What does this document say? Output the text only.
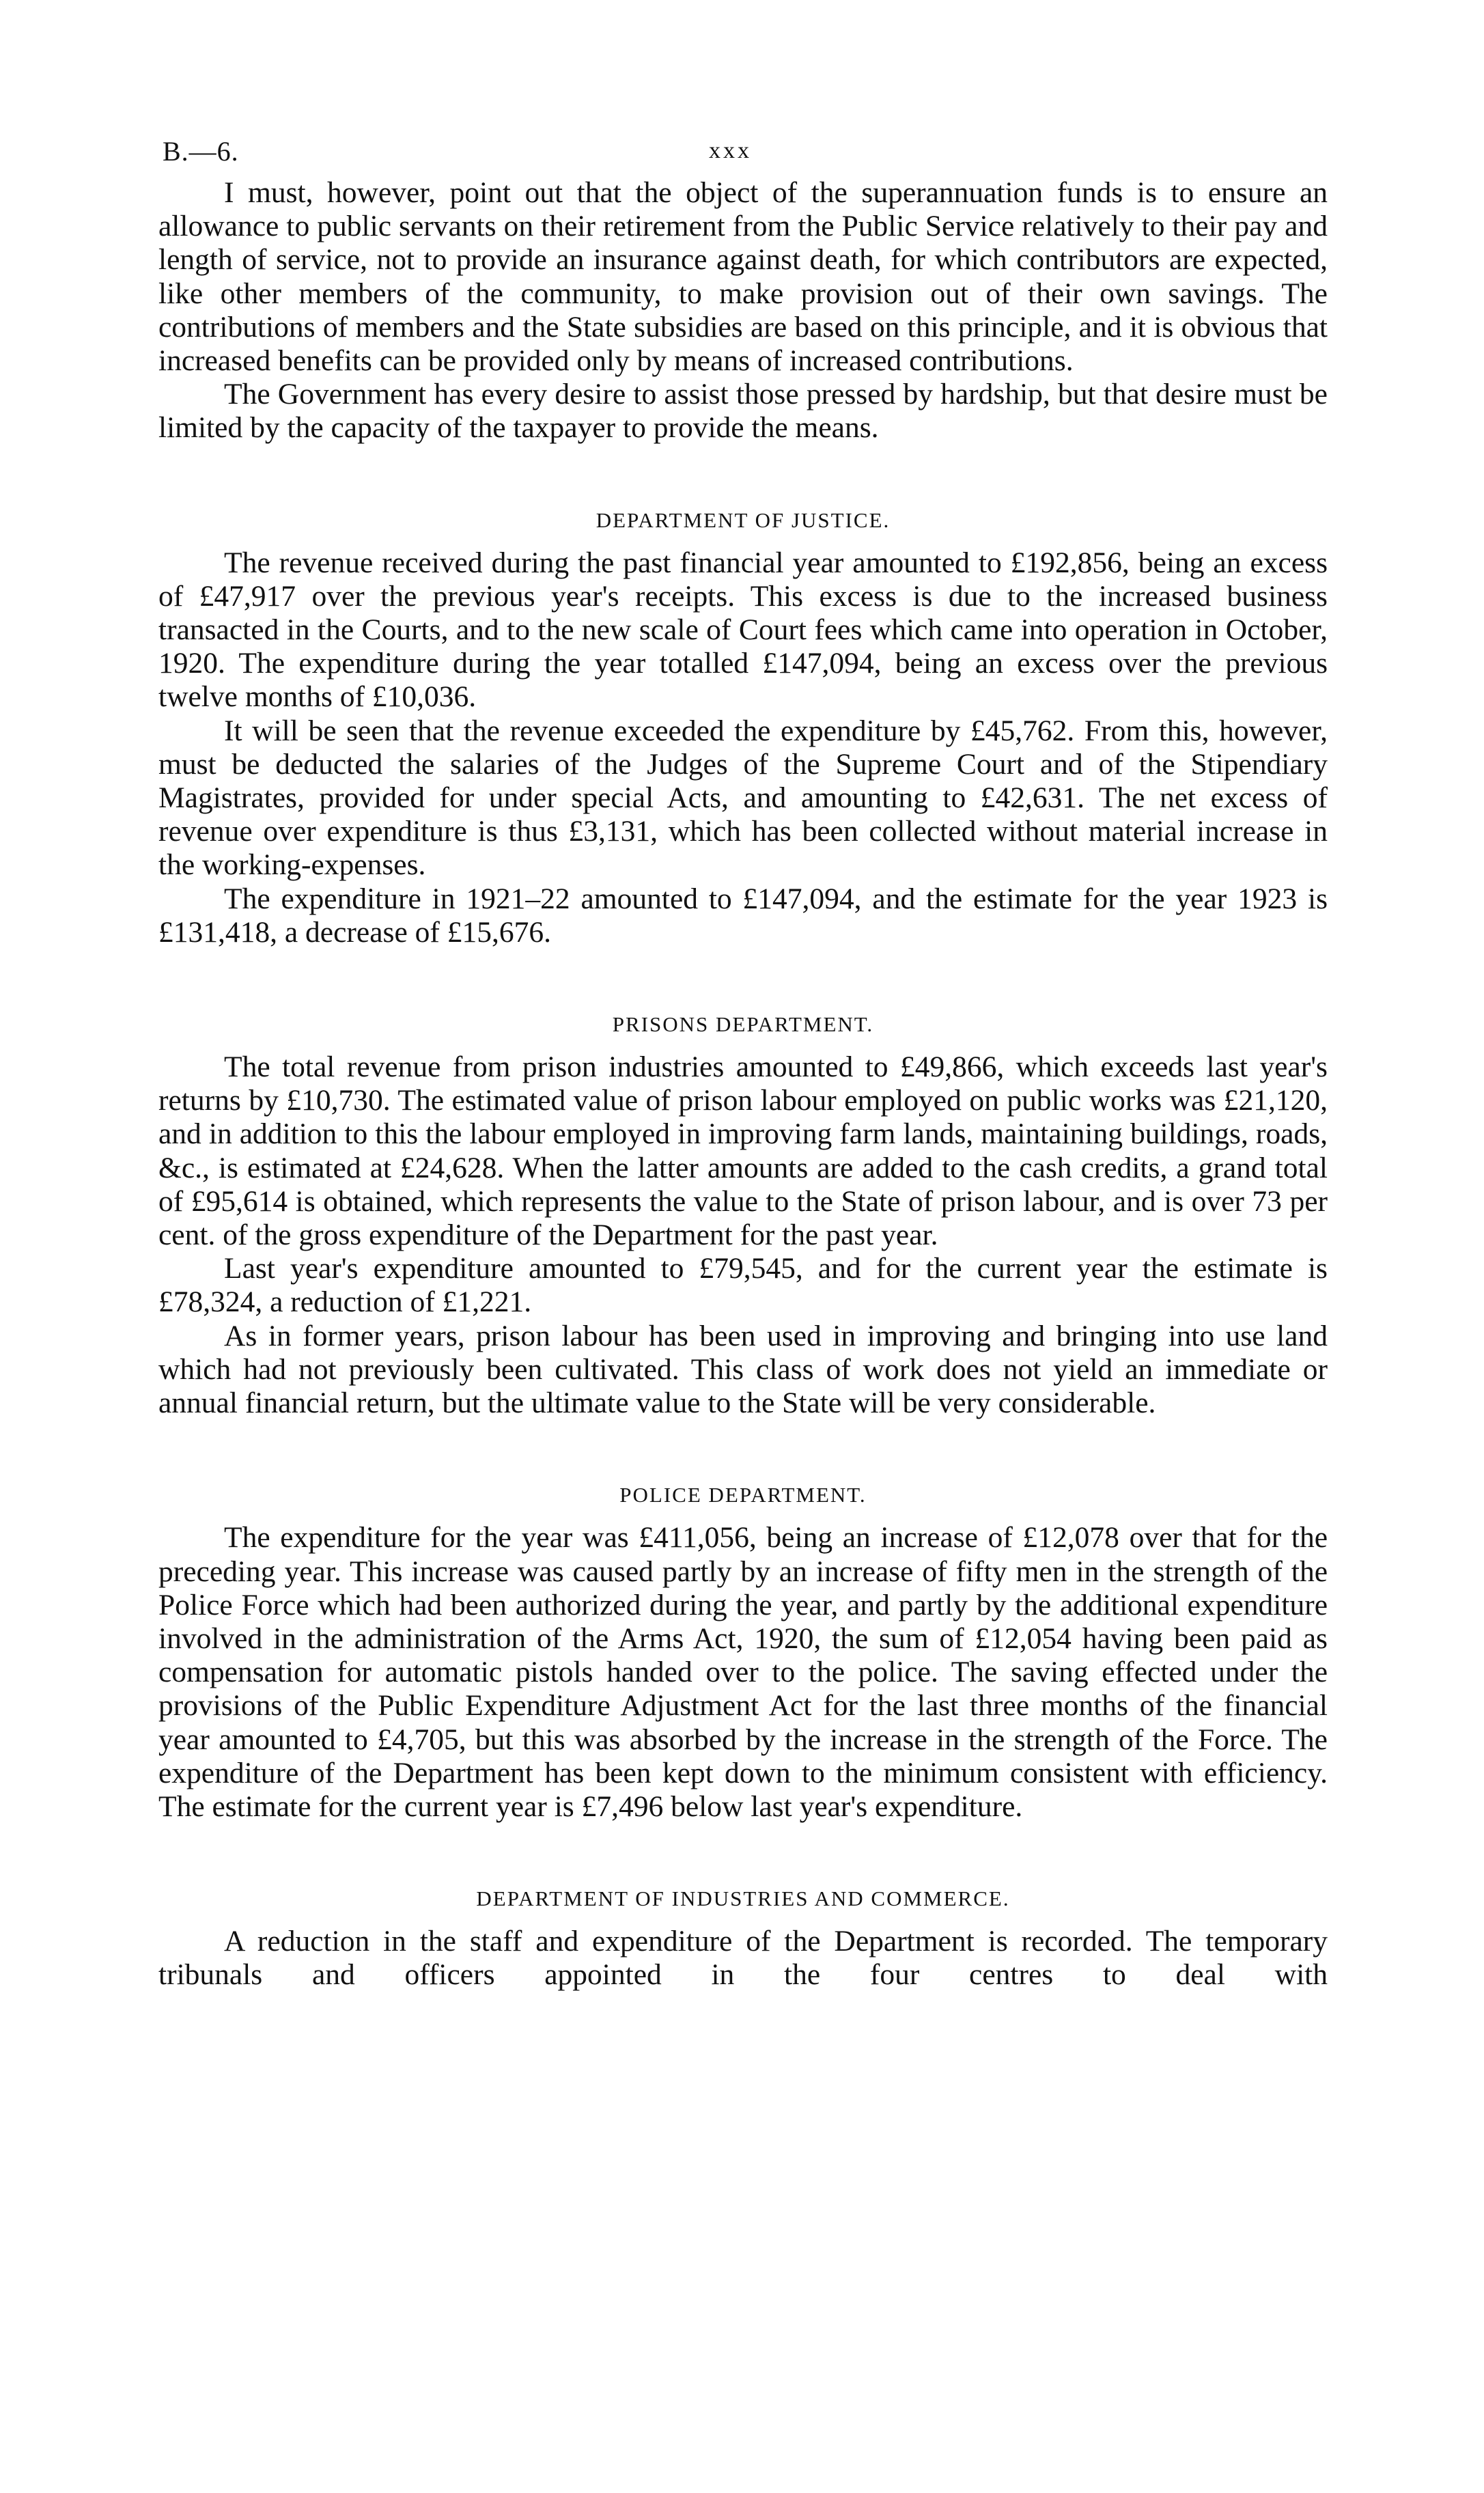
B.—6.	xxx

I must, however, point out that the object of the superannuation funds is to ensure an allowance to public servants on their retirement from the Public Service relatively to their pay and length of service, not to provide an insurance against death, for which contributors are expected, like other members of the community, to make provision out of their own savings. The contributions of members and the State subsidies are based on this principle, and it is obvious that increased benefits can be provided only by means of increased contributions.

The Government has every desire to assist those pressed by hardship, but that desire must be limited by the capacity of the taxpayer to provide the means.

DEPARTMENT OF JUSTICE.

The revenue received during the past financial year amounted to £192,856, being an excess of £47,917 over the previous year's receipts. This excess is due to the increased business transacted in the Courts, and to the new scale of Court fees which came into operation in October, 1920. The expenditure during the year totalled £147,094, being an excess over the previous twelve months of £10,036.

It will be seen that the revenue exceeded the expenditure by £45,762. From this, however, must be deducted the salaries of the Judges of the Supreme Court and of the Stipendiary Magistrates, provided for under special Acts, and amounting to £42,631. The net excess of revenue over expenditure is thus £3,131, which has been collected without material increase in the working-expenses.

The expenditure in 1921–22 amounted to £147,094, and the estimate for the year 1923 is £131,418, a decrease of £15,676.

PRISONS DEPARTMENT.

The total revenue from prison industries amounted to £49,866, which exceeds last year's returns by £10,730. The estimated value of prison labour employed on public works was £21,120, and in addition to this the labour employed in improving farm lands, maintaining buildings, roads, &c., is estimated at £24,628. When the latter amounts are added to the cash credits, a grand total of £95,614 is obtained, which represents the value to the State of prison labour, and is over 73 per cent. of the gross expenditure of the Department for the past year.

Last year's expenditure amounted to £79,545, and for the current year the estimate is £78,324, a reduction of £1,221.

As in former years, prison labour has been used in improving and bringing into use land which had not previously been cultivated. This class of work does not yield an immediate or annual financial return, but the ultimate value to the State will be very considerable.

POLICE DEPARTMENT.

The expenditure for the year was £411,056, being an increase of £12,078 over that for the preceding year. This increase was caused partly by an increase of fifty men in the strength of the Police Force which had been authorized during the year, and partly by the additional expenditure involved in the administration of the Arms Act, 1920, the sum of £12,054 having been paid as compensation for automatic pistols handed over to the police. The saving effected under the provisions of the Public Expenditure Adjustment Act for the last three months of the financial year amounted to £4,705, but this was absorbed by the increase in the strength of the Force. The expenditure of the Department has been kept down to the minimum consistent with efficiency. The estimate for the current year is £7,496 below last year's expenditure.

DEPARTMENT OF INDUSTRIES AND COMMERCE.

A reduction in the staff and expenditure of the Department is recorded. The temporary tribunals and officers appointed in the four centres to deal with
